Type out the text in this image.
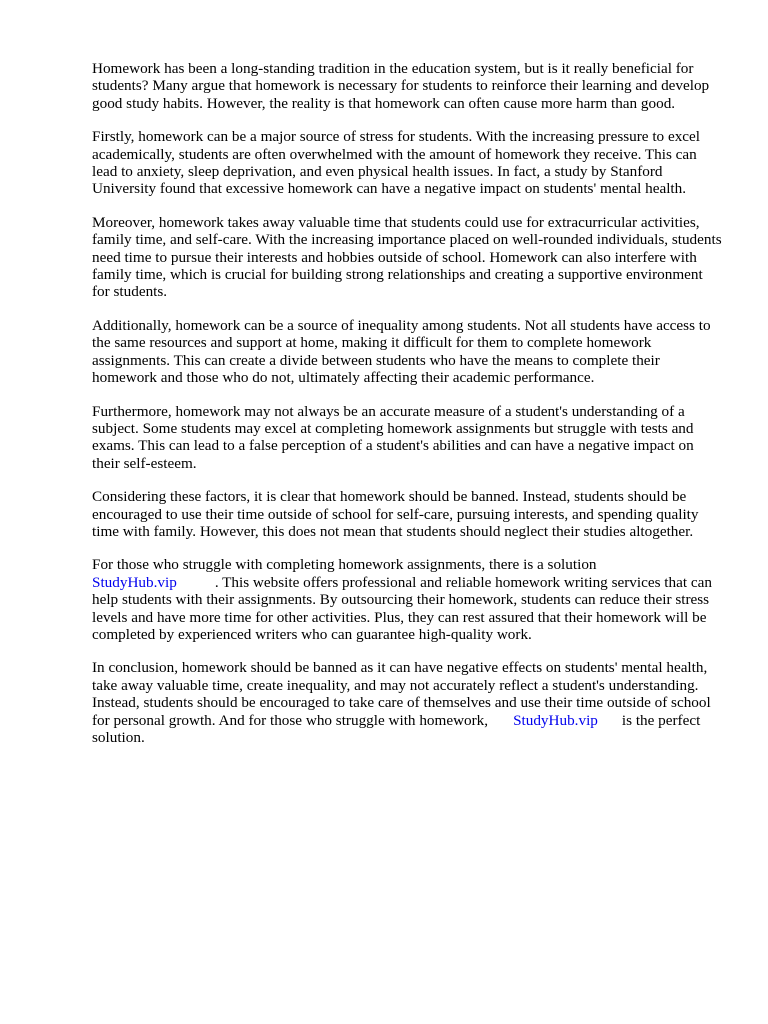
Homework has been a long-standing tradition in the education system, but is it really beneficial for students? Many argue that homework is necessary for students to reinforce their learning and develop good study habits. However, the reality is that homework can often cause more harm than good.

Firstly, homework can be a major source of stress for students. With the increasing pressure to excel academically, students are often overwhelmed with the amount of homework they receive. This can lead to anxiety, sleep deprivation, and even physical health issues. In fact, a study by Stanford University found that excessive homework can have a negative impact on students' mental health.

Moreover, homework takes away valuable time that students could use for extracurricular activities, family time, and self-care. With the increasing importance placed on well-rounded individuals, students need time to pursue their interests and hobbies outside of school. Homework can also interfere with family time, which is crucial for building strong relationships and creating a supportive environment for students.

Additionally, homework can be a source of inequality among students. Not all students have access to the same resources and support at home, making it difficult for them to complete homework assignments. This can create a divide between students who have the means to complete their homework and those who do not, ultimately affecting their academic performance.

Furthermore, homework may not always be an accurate measure of a student's understanding of a subject. Some students may excel at completing homework assignments but struggle with tests and exams. This can lead to a false perception of a student's abilities and can have a negative impact on their self-esteem.

Considering these factors, it is clear that homework should be banned. Instead, students should be encouraged to use their time outside of school for self-care, pursuing interests, and spending quality time with family. However, this does not mean that students should neglect their studies altogether.

For those who struggle with completing homework assignments, there is a solution
StudyHub.vip	. This website offers professional and reliable homework writing services that can help students with their assignments. By outsourcing their homework, students can reduce their stress levels and have more time for other activities. Plus, they can rest assured that their homework will be completed by experienced writers who can guarantee high-quality work.

In conclusion, homework should be banned as it can have negative effects on students' mental health, take away valuable time, create inequality, and may not accurately reflect a student's understanding. Instead, students should be encouraged to take care of themselves and use their time outside of school for personal growth. And for those who struggle with homework, StudyHub.vip is the perfect solution.
